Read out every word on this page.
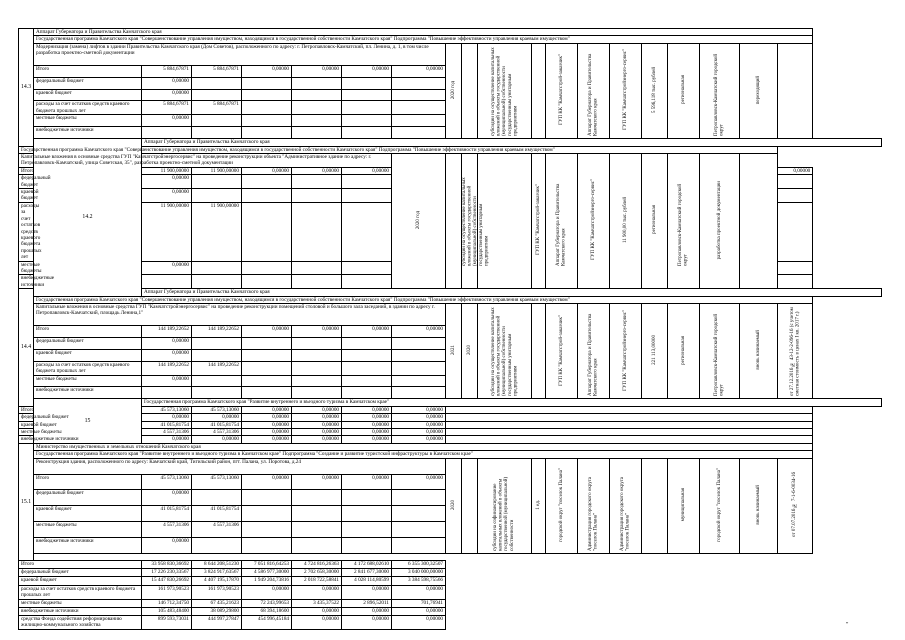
14.3	Аппарат Губернатора и Правительства Камчатского края																		
	Государственная программа Камчатского края "Совершенствование управления имуществом, находящимся в государственной собственности Камчатского края" Подпрограмма "Повышение эффективности управления краевым имуществом"																		
	Модернизация (замена) лифтов в здании Правительства Камчатского края (Дом Советов), расположенного по адресу: г. Петропавловск-Камчатский, пл. Ленина, д. 1, в том числе разработка проектно-сметной документации							2020 год		субсидии на осуществление капитальных вложений в объекты государственной (муниципальной) собственности государственным унитарным предприятиям		ГУП КК "Камчатстрой-заказчик"	Аппарат Губернатора и Правительства Камчатского края	ГУП КК "Камчатстройэнерго-сервис"	5 596,118 тыс. рублей	региональная	Петропавловск-Камчатский городской округ	переходящий	
	Итого	5 884,67871	5 884,67871	0,00000	0,00000	0,00000	0,00000												
	федеральный бюджет	0,00000																	
	краевой бюджет	0,00000																	
	расходы за счет остатков средств краевого бюджета прошлых лет	5 884,67871	5 884,67871																
	местные бюджеты	0,00000																	
	внебюджетные источники																		
	14.2	Аппарат Губернатора и Правительства Камчатского края																	
Государственная программа Камчатского края "Совершенствование управления имуществом, находящимся в государственной собственности Камчатского края" Подпрограмма "Повышение эффективности управления краевым имуществом"																			
Капитальные вложения в основные средства ГУП "Камчатстройэнергосервис" на проведение реконструкции объекта "Административное здание по адресу: г. Петропавловск-Камчатский, улица Советская, 35", разработка проектно-сметной документации							2020 год		субсидии на осуществление капитальных вложений в объекты государственной (муниципальной) собственности государственным унитарным предприятиям		ГУП КК "Камчатстрой-заказчик"	Аппарат Губернатора и Правительства Камчатского края	ГУП КК "Камчатстройэнерго-сервис"	11 900,00 тыс. рублей	региональная	Петропавловск-Камчатский городской округ	разработка проектной документации		
Итого		11 900,00000	11 900,00000	0,00000	0,00000	0,00000													0,00000
федеральный бюджет		0,00000																	
краевой бюджет		0,00000																	
расходы за счет остатков средств краевого бюджета прошлых лет		11 900,00000	11 900,00000																
местные бюджеты		0,00000																	
внебюджетные источники																			
14.4		Аппарат Губернатора и Правительства Камчатского края																	
	Государственная программа Камчатского края "Совершенствование управления имуществом, находящимся в государственной собственности Камчатского края" Подпрограмма "Повышение эффективности управления краевым имуществом"																		
	Капитальные вложения в основные средства ГУП "Камчатстройэнергосервис" на проведение реконструкции помещений столовой и большого зала заседаний, в здании по адресу г. Петропавловск-Камчатский, площадь Ленина,1"							2021	2020	субсидии на осуществление капитальных вложений в объекты государственной (муниципальной) собственности государственным унитарным предприятиям		ГУП КК "Камчатстрой-заказчик"	Аппарат Губернатора и Правительства Камчатского края	ГУП КК "Камчатстройэнерго-сервис"	221 113,00000	региональная	Петропавловск-Камчатский городской округ	вновь начинаемый	от 27.12.2016 № 43-12-2-096-16 (с учетом сметная стоимость в ценах I кв. 2017 г.)
	Итого	144 189,22652	144 189,22652	0,00000	0,00000	0,00000	0,00000												
	федеральный бюджет	0,00000																	
	краевой бюджет	0,00000																	
	расходы за счет остатков средств краевого бюджета прошлых лет	144 189,22652	144 189,22652																
	местные бюджеты	0,00000																	
	внебюджетные источники																		
	15	Государственная программа Камчатского края "Развитие внутреннего и въездного туризма в Камчатском крае"																	
Итого		45 573,13060	45 573,13060	0,00000	0,00000	0,00000	0,00000												
федеральный бюджет		0,00000	0,00000	0,00000	0,00000	0,00000	0,00000												
краевой бюджет		41 015,81754	41 015,81754	0,00000	0,00000	0,00000	0,00000												
местные бюджеты		4 557,31306	4 557,31306	0,00000	0,00000	0,00000	0,00000												
внебюджетные источники		0,00000	0,00000	0,00000	0,00000	0,00000	0,00000												
15.1	Министерство имущественных и земельных отношений Камчатского края																		
	Государственная программа Камчатского края "Развитие внутреннего и въездного туризма в Камчатском крае" Подпрограмма "Создание и развитие туристской инфраструктуры в Камчатском крае"																		
	Реконструкция здания, расположенного по адресу: Камчатский край, Тигильский район, пгт. Палана, ул. Поротова, д.24							2020		субсидии на софинансирование капитальных вложений в объекты государственной (муниципальной) собственности	1 ед.	городской округ "поселок Палана"	Администрация городского округа "поселок Палана"	Администрация городского округа "поселок Палана"		муниципальная	городской округ "поселок Палана"	вновь начинаемый	от 07.07.2016 № 7-1-6-0034-16
	Итого	45 573,13060	45 573,13060	0,00000	0,00000	0,00000	0,00000												
	федеральный бюджет	0,00000																	
	краевой бюджет	41 015,81754	41 015,81754																
	местные бюджеты	4 557,31306	4 557,31306																
	внебюджетные источники	0,00000																	

Итого		33 958 830,36692	8 644 208,51230	7 051 816,64253	4 724 816,26363	4 172 688,02610	6 355 300,32507												
федеральный бюджет		17 226 230,33567	3 824 917,63567	4 586 977,30000	2 702 658,30000	2 841 677,30000	3 040 000,00000												
краевой бюджет		15 447 830,26692	4 407 195,17870	1 949 204,73816	2 018 722,58841	4 028 114,80599	3 384 598,75566												
расходы за счет остатков средств краевого бюджета прошлых лет		161 973,90523	161 973,90523	0,00000	0,00000	0,00000	0,00000												
местные бюджеты		146 712,34750	67 435,21623	72 243,99653	3 435,37522	2 896,52011	701,76941												
внебюджетные источники		105 483,48400	38 089,29800	68 394,18600	0,00000	0,00000	0,00000												
средства Фонда содействия реформированию жилищно-коммунального хозяйства		899 593,73031	444 997,27847	454 996,45184	0,00000	0,00000	0,00000												
"
